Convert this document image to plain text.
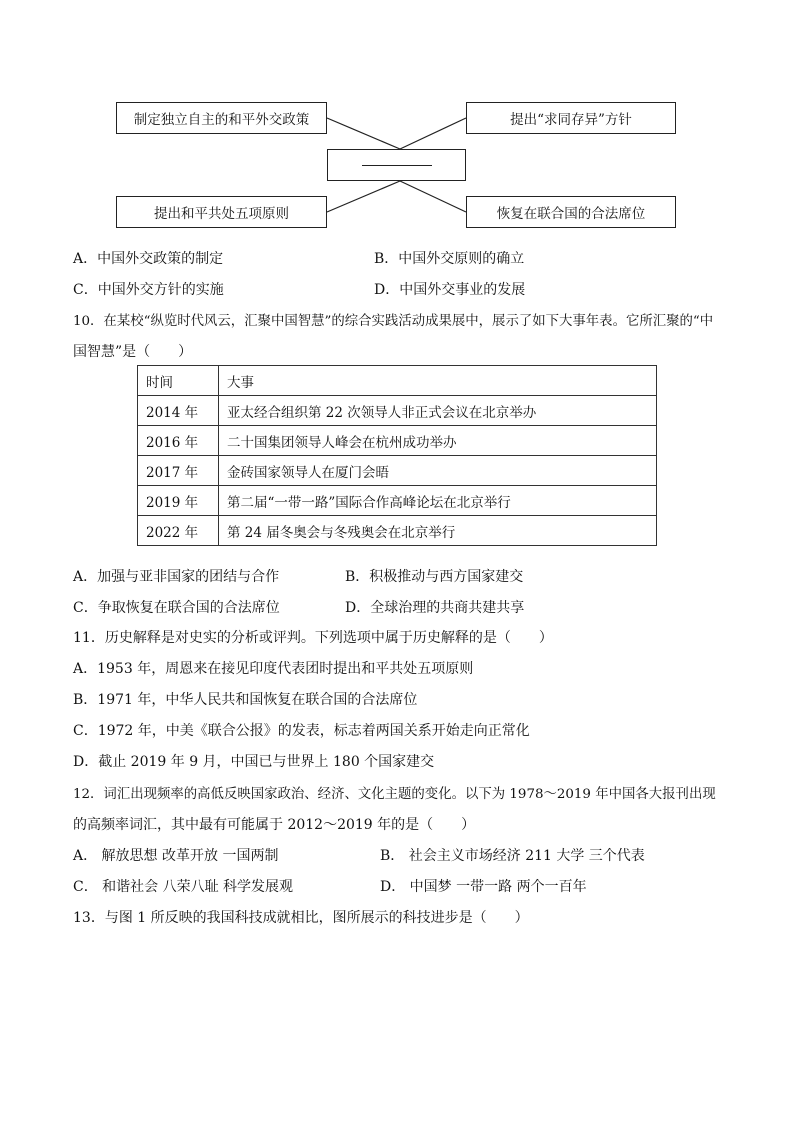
制定独立自主的和平外交政策	提出“求同存异”方针
提出和平共处五项原则	恢复在联合国的合法席位
A．中国外交政策的制定	B．中国外交原则的确立
C．中国外交方针的实施	D．中国外交事业的发展
10．在某校“纵览时代风云，汇聚中国智慧”的综合实践活动成果展中，展示了如下大事年表。它所汇聚的“中
国智慧”是（　　）
时间	大事
2014 年	亚太经合组织第 22 次领导人非正式会议在北京举办
2016 年	二十国集团领导人峰会在杭州成功举办
2017 年	金砖国家领导人在厦门会晤
2019 年	第二届“一带一路”国际合作高峰论坛在北京举行
2022 年	第 24 届冬奥会与冬残奥会在北京举行
A．加强与亚非国家的团结与合作	B．积极推动与西方国家建交
C．争取恢复在联合国的合法席位	D．全球治理的共商共建共享
11．历史解释是对史实的分析或评判。下列选项中属于历史解释的是（　　）
A．1953 年，周恩来在接见印度代表团时提出和平共处五项原则
B．1971 年，中华人民共和国恢复在联合国的合法席位
C．1972 年，中美《联合公报》的发表，标志着两国关系开始走向正常化
D．截止 2019 年 9 月，中国已与世界上 180 个国家建交
12．词汇出现频率的高低反映国家政治、经济、文化主题的变化。以下为 1978～2019 年中国各大报刊出现
的高频率词汇，其中最有可能属于 2012～2019 年的是（　　）
A． 解放思想 改革开放 一国两制	B． 社会主义市场经济 211 大学 三个代表
C． 和谐社会 八荣八耻 科学发展观	D． 中国梦 一带一路 两个一百年
13．与图 1 所反映的我国科技成就相比，图所展示的科技进步是（　　）
